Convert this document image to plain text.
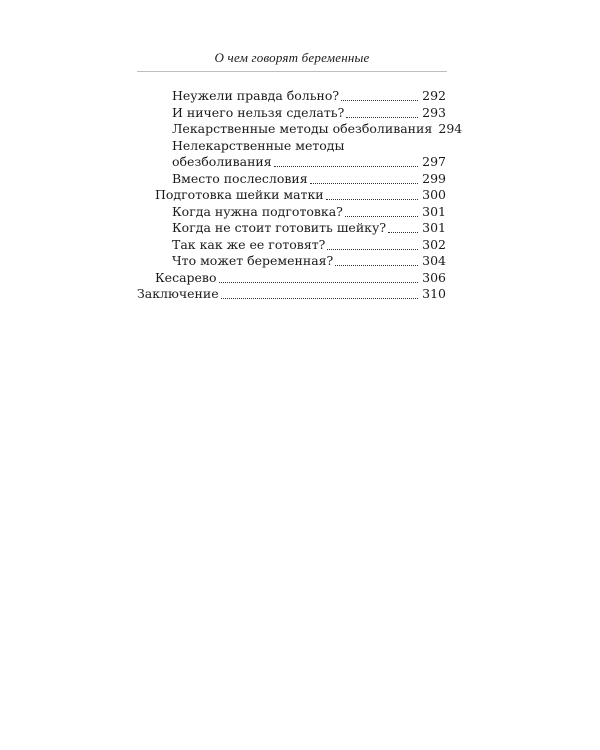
О чем говорят беременные
Неужели правда больно?	292
И ничего нельзя сделать?	293
Лекарственные методы обезболивания 294
Нелекарственные методы
обезболивания	297
Вместо послесловия	299
Подготовка шейки матки	300
Когда нужна подготовка?	301
Когда не стоит готовить шейку?	301
Так как же ее готовят?	302
Что может беременная?	304
Кесарево	306
Заключение	310
